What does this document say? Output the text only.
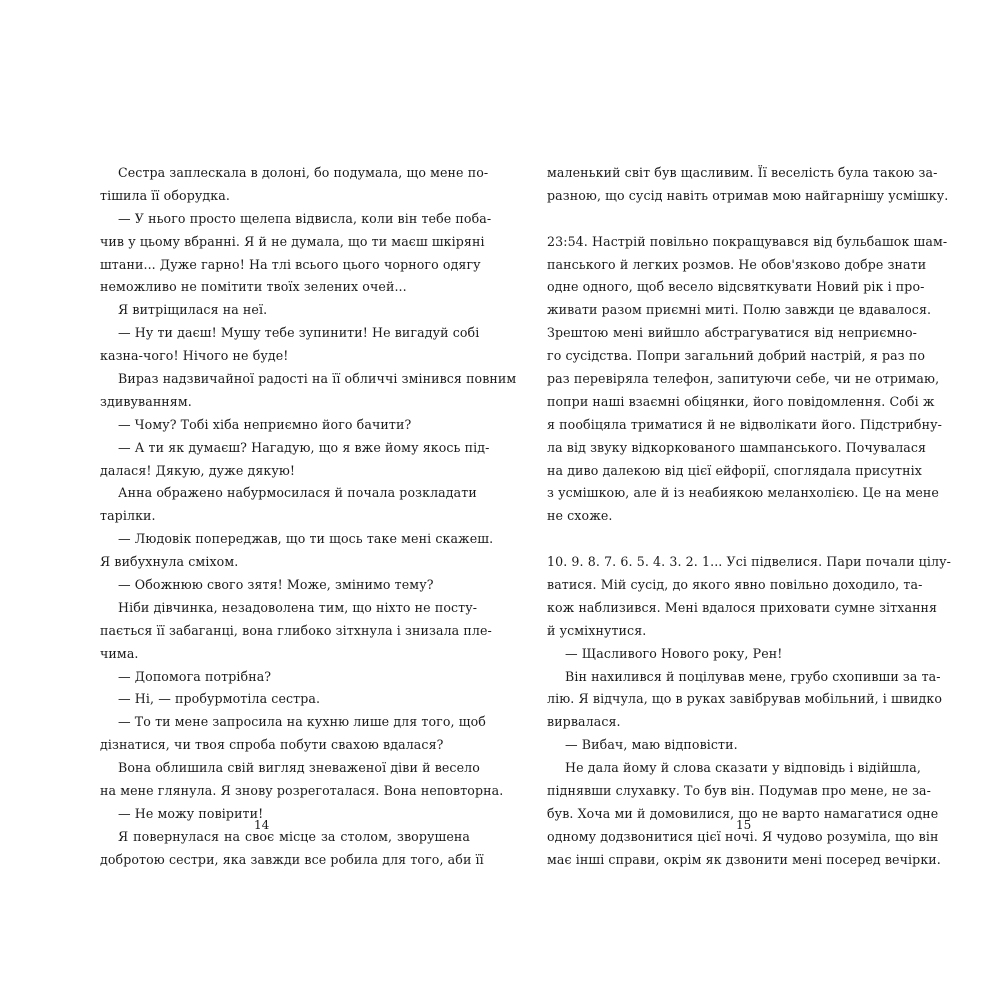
Сестра заплескала в долоні, бо подумала, що мене по-
тішила її оборудка.
— У нього просто щелепа відвисла, коли він тебе поба-
чив у цьому вбранні. Я й не думала, що ти маєш шкіряні
штани... Дуже гарно! На тлі всього цього чорного одягу
неможливо не помітити твоїх зелених очей...
Я витріщилася на неї.
— Ну ти даєш! Мушу тебе зупинити! Не вигадуй собі
казна-чого! Нічого не буде!
Вираз надзвичайної радості на її обличчі змінився повним
здивуванням.
— Чому? Тобі хіба неприємно його бачити?
— А ти як думаєш? Нагадую, що я вже йому якось під-
далася! Дякую, дуже дякую!
Анна ображено набурмосилася й почала розкладати
тарілки.
— Людовік попереджав, що ти щось таке мені скажеш.
Я вибухнула сміхом.
— Обожнюю свого зятя! Може, змінимо тему?
Ніби дівчинка, незадоволена тим, що ніхто не посту-
пається її забаганці, вона глибоко зітхнула і знизала пле-
чима.
— Допомога потрібна?
— Ні, — пробурмотіла сестра.
— То ти мене запросила на кухню лише для того, щоб
дізнатися, чи твоя спроба побути свахою вдалася?
Вона облишила свій вигляд зневаженої діви й весело
на мене глянула. Я знову розреготалася. Вона неповторна.
— Не можу повірити!
Я повернулася на своє місце за столом, зворушена
добротою сестри, яка завжди все робила для того, аби її
14
маленький світ був щасливим. Її веселість була такою за-
разною, що сусід навіть отримав мою найгарнішу усмішку.
23:54. Настрій повільно покращувався від бульбашок шам-
панського й легких розмов. Не обов'язково добре знати
одне одного, щоб весело відсвяткувати Новий рік і про-
живати разом приємні миті. Полю завжди це вдавалося.
Зрештою мені вийшло абстрагуватися від неприємно-
го сусідства. Попри загальний добрий настрій, я раз по
раз перевіряла телефон, запитуючи себе, чи не отримаю,
попри наші взаємні обіцянки, його повідомлення. Собі ж
я пообіцяла триматися й не відволікати його. Підстрибну-
ла від звуку відкоркованого шампанського. Почувалася
на диво далекою від цієї ейфорії, споглядала присутніх
з усмішкою, але й із неабиякою меланхолією. Це на мене
не схоже.
10. 9. 8. 7. 6. 5. 4. 3. 2. 1... Усі підвелися. Пари почали цілу-
ватися. Мій сусід, до якого явно повільно доходило, та-
кож наблизився. Мені вдалося приховати сумне зітхання
й усміхнутися.
— Щасливого Нового року, Рен!
Він нахилився й поцілував мене, грубо схопивши за та-
лію. Я відчула, що в руках завібрував мобільний, і швидко
вирвалася.
— Вибач, маю відповісти.
Не дала йому й слова сказати у відповідь і відійшла,
піднявши слухавку. То був він. Подумав про мене, не за-
був. Хоча ми й домовилися, що не варто намагатися одне
одному додзвонитися цієї ночі. Я чудово розуміла, що він
має інші справи, окрім як дзвонити мені посеред вечірки.
15
